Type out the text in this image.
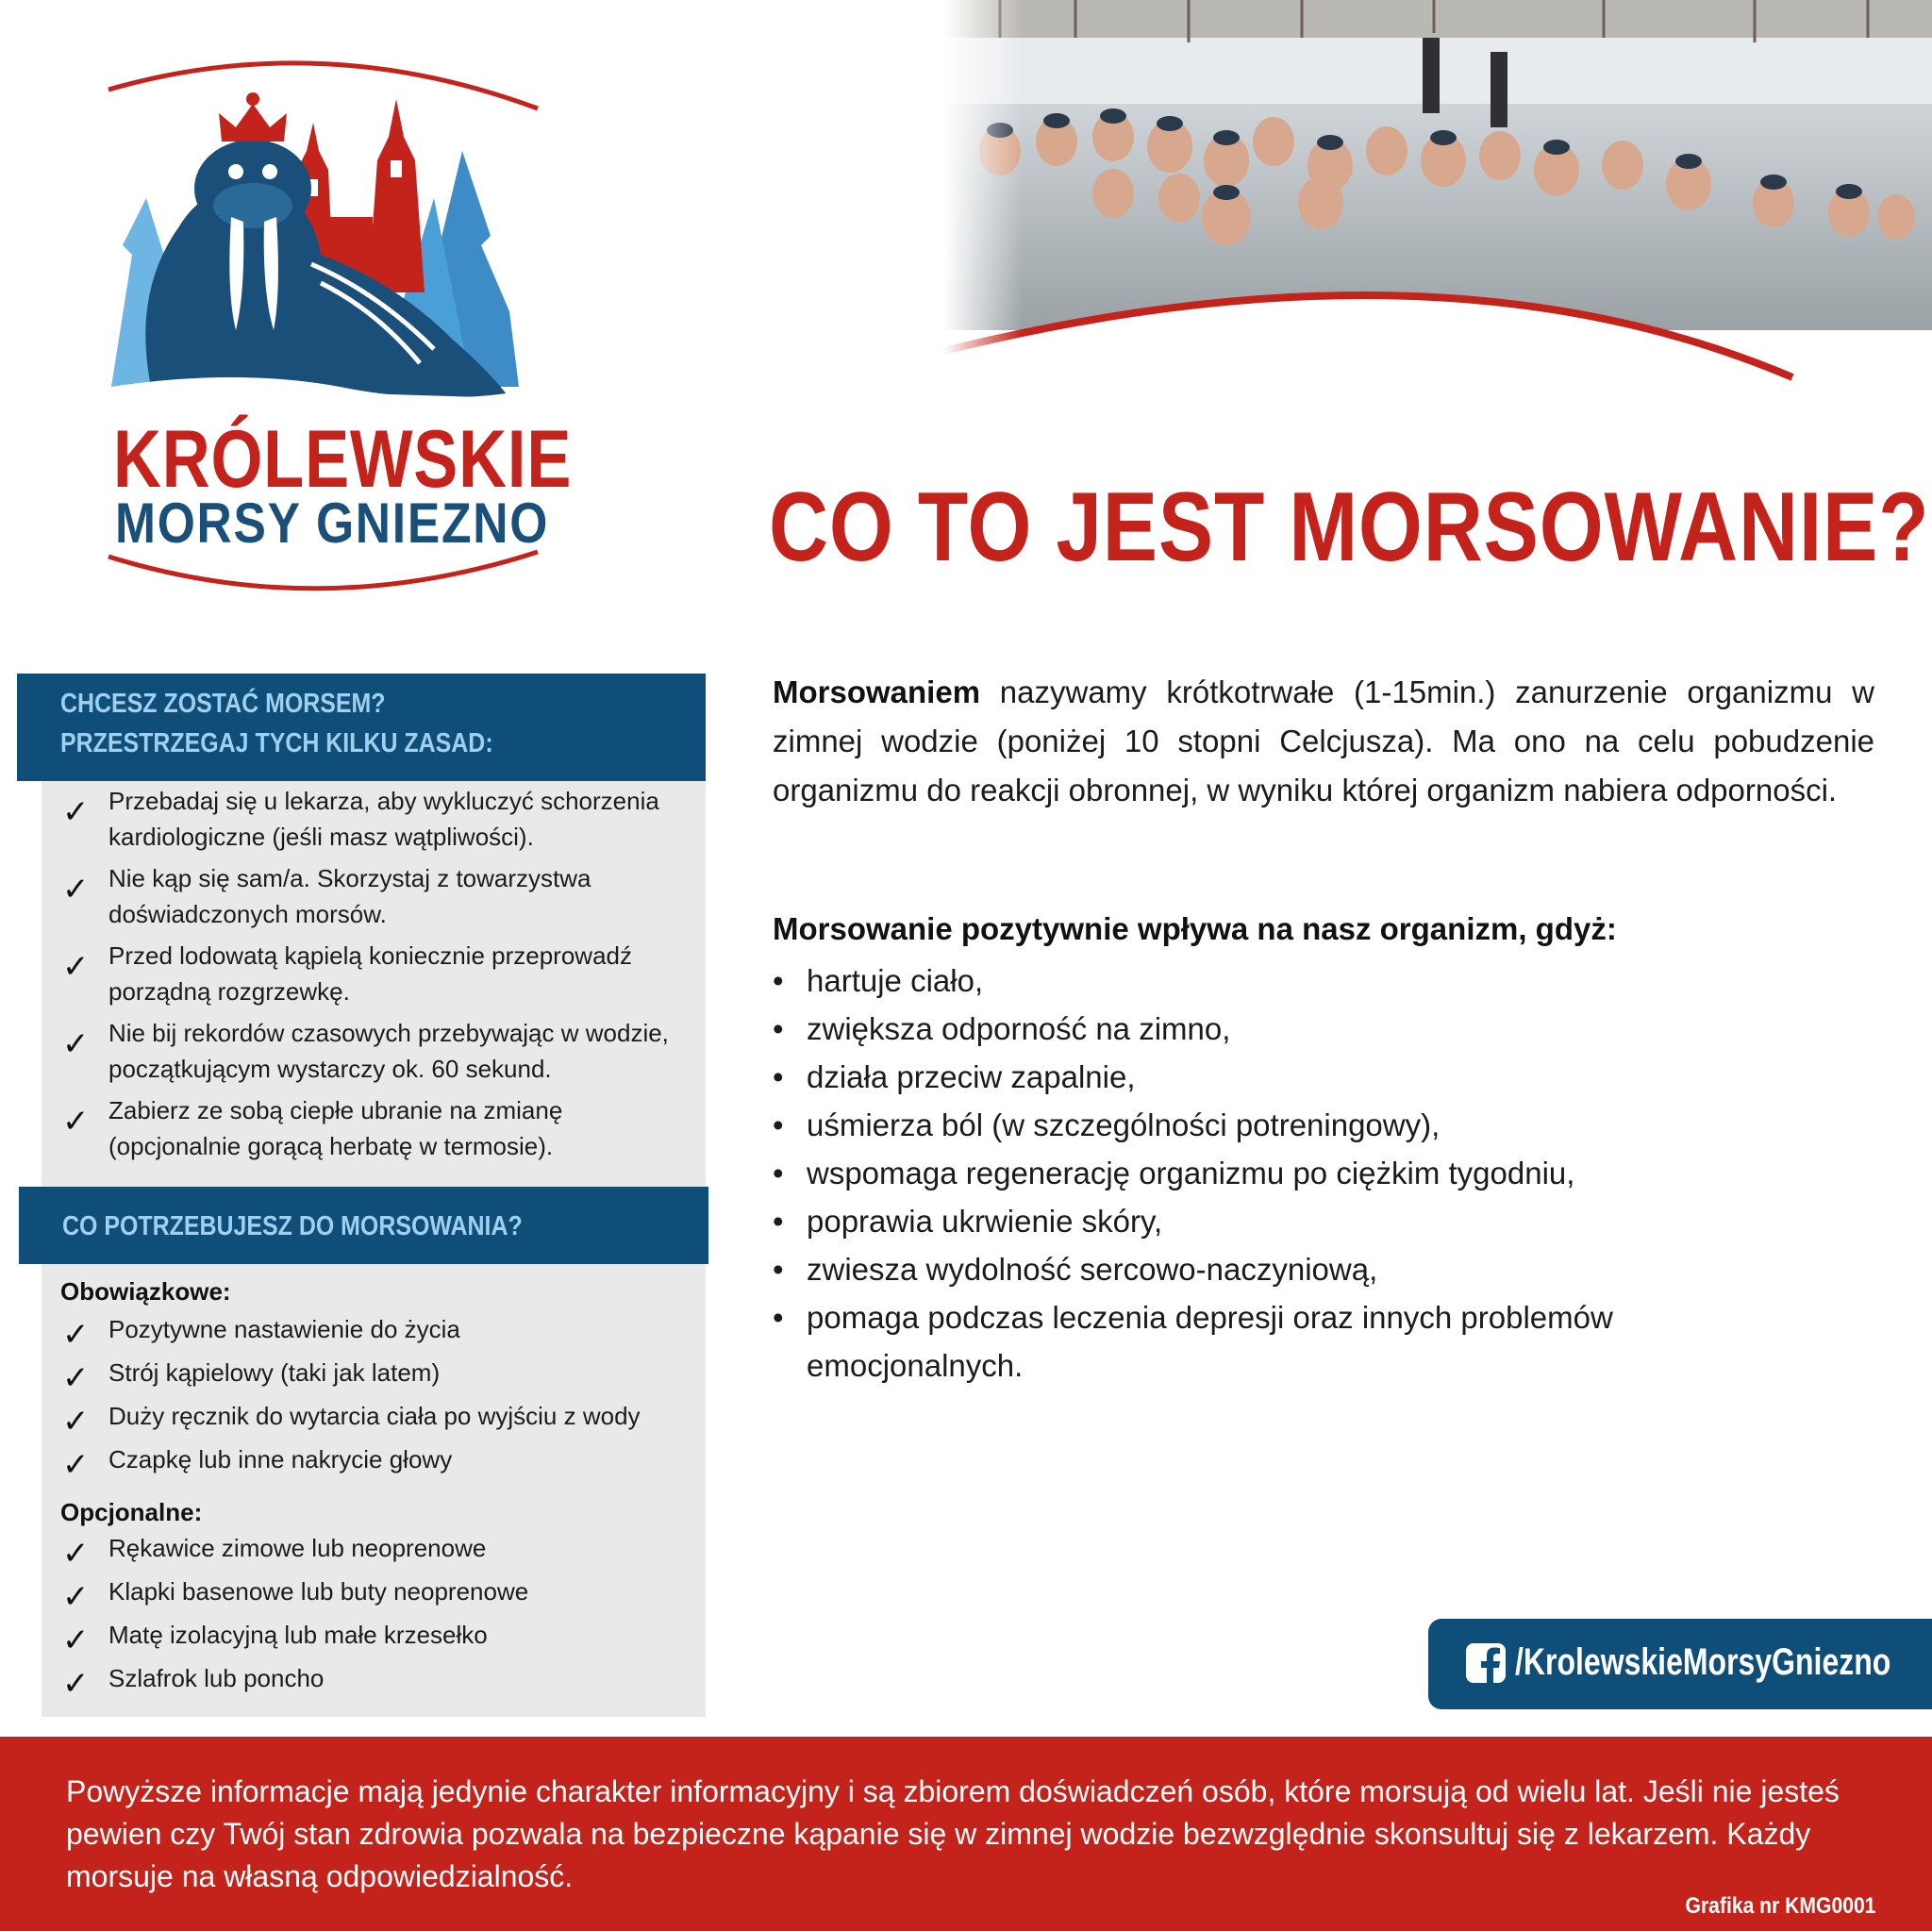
KRÓLEWSKIE
MORSY GNIEZNO CO TO JEST MORSOWANIE?
CHCESZ ZOSTAĆ MORSEM?
PRZESTRZEGAJ TYCH KILKU ZASAD:
✓ Przebadaj się u lekarza, aby wykluczyć schorzenia kardiologiczne (jeśli masz wątpliwości).
✓ Nie kąp się sam/a. Skorzystaj z towarzystwa doświadczonych morsów.
✓ Przed lodowatą kąpielą koniecznie przeprowadź porządną rozgrzewkę.
✓ Nie bij rekordów czasowych przebywając w wodzie, początkującym wystarczy ok. 60 sekund.
✓ Zabierz ze sobą ciepłe ubranie na zmianę (opcjonalnie gorącą herbatę w termosie).
CO POTRZEBUJESZ DO MORSOWANIA?
Obowiązkowe:
✓ Pozytywne nastawienie do życia
✓ Strój kąpielowy (taki jak latem)
✓ Duży ręcznik do wytarcia ciała po wyjściu z wody
✓ Czapkę lub inne nakrycie głowy
Opcjonalne:
✓ Rękawice zimowe lub neoprenowe
✓ Klapki basenowe lub buty neoprenowe
✓ Matę izolacyjną lub małe krzesełko
✓ Szlafrok lub poncho

Morsowaniem nazywamy krótkotrwałe (1-15min.) zanurzenie organizmu w zimnej wodzie (poniżej 10 stopni Celcjusza). Ma ono na celu pobudzenie organizmu do reakcji obronnej, w wyniku której organizm nabiera odporności.

Morsowanie pozytywnie wpływa na nasz organizm, gdyż:
• hartuje ciało,
• zwiększa odporność na zimno,
• działa przeciw zapalnie,
• uśmierza ból (w szczególności potreningowy),
• wspomaga regenerację organizmu po ciężkim tygodniu,
• poprawia ukrwienie skóry,
• zwiesza wydolność sercowo-naczyniową,
• pomaga podczas leczenia depresji oraz innych problemów emocjonalnych.
/KrolewskieMorsyGniezno
Powyższe informacje mają jedynie charakter informacyjny i są zbiorem doświadczeń osób, które morsują od wielu lat. Jeśli nie jesteś pewien czy Twój stan zdrowia pozwala na bezpieczne kąpanie się w zimnej wodzie bezwzględnie skonsultuj się z lekarzem. Każdy morsuje na własną odpowiedzialność.
Grafika nr KMG0001
